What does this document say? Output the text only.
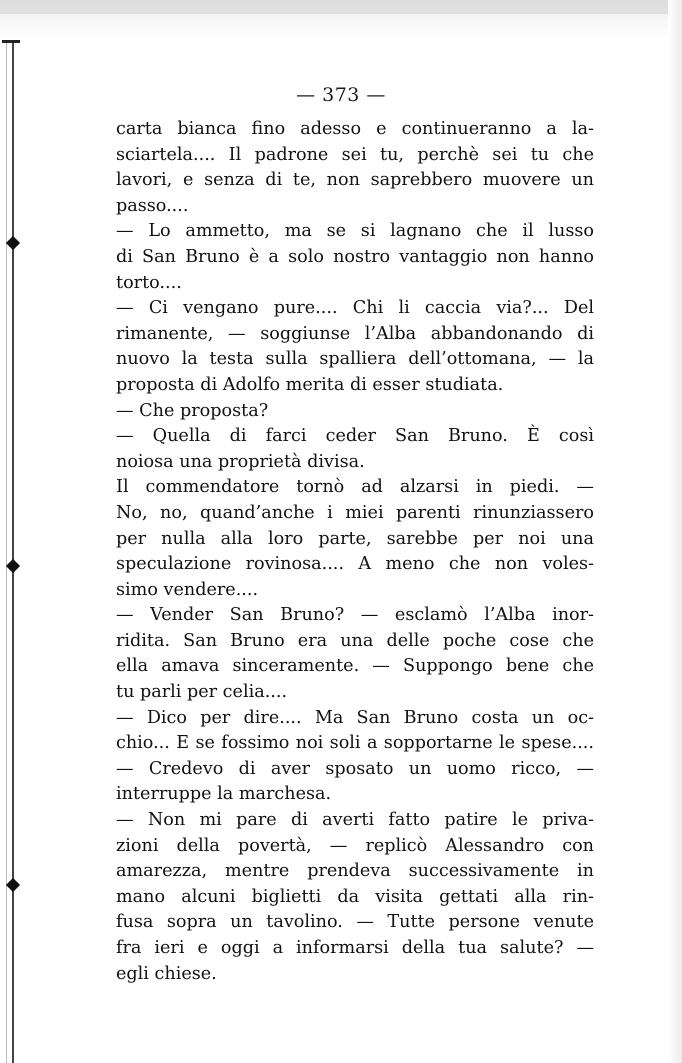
— 373 —
carta bianca fino adesso e continueranno a la-
sciartela.... Il padrone sei tu, perchè sei tu che
lavori, e senza di te, non saprebbero muovere un
passo....
— Lo ammetto, ma se si lagnano che il lusso
di San Bruno è a solo nostro vantaggio non hanno
torto....
— Ci vengano pure.... Chi li caccia via?... Del
rimanente, — soggiunse l’Alba abbandonando di
nuovo la testa sulla spalliera dell’ottomana, — la
proposta di Adolfo merita di esser studiata.
— Che proposta?
— Quella di farci ceder San Bruno. È così
noiosa una proprietà divisa.
Il commendatore tornò ad alzarsi in piedi. —
No, no, quand’anche i miei parenti rinunziassero
per nulla alla loro parte, sarebbe per noi una
speculazione rovinosa.... A meno che non voles-
simo vendere....
— Vender San Bruno? — esclamò l’Alba inor-
ridita. San Bruno era una delle poche cose che
ella amava sinceramente. — Suppongo bene che
tu parli per celia....
— Dico per dire.... Ma San Bruno costa un oc-
chio... E se fossimo noi soli a sopportarne le spese....
— Credevo di aver sposato un uomo ricco, —
interruppe la marchesa.
— Non mi pare di averti fatto patire le priva-
zioni della povertà, — replicò Alessandro con
amarezza, mentre prendeva successivamente in
mano alcuni biglietti da visita gettati alla rin-
fusa sopra un tavolino. — Tutte persone venute
fra ieri e oggi a informarsi della tua salute? —
egli chiese.
